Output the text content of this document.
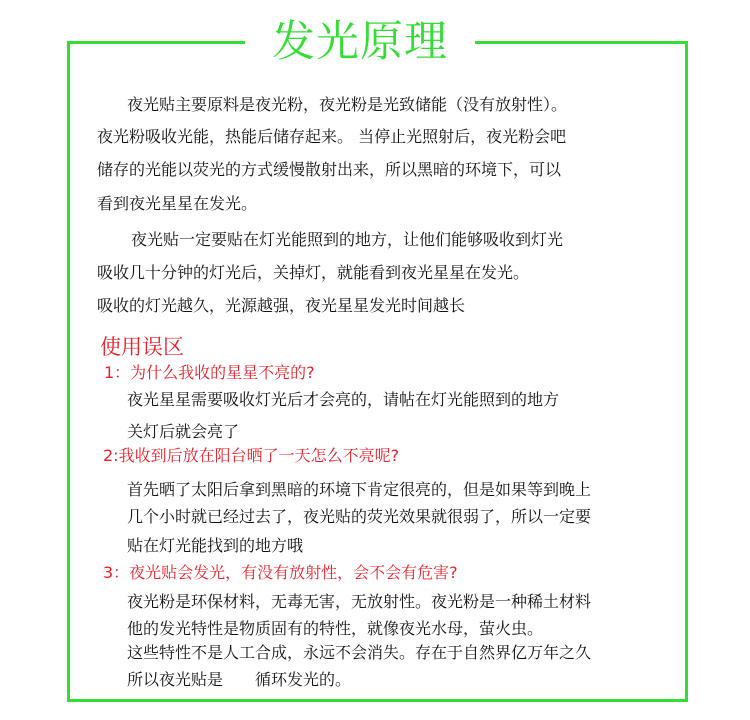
发光原理
夜光贴主要原料是夜光粉，夜光粉是光致储能（没有放射性）。
夜光粉吸收光能，热能后储存起来。 当停止光照射后，夜光粉会吧
储存的光能以荧光的方式缓慢散射出来，所以黑暗的环境下，可以
看到夜光星星在发光。
夜光贴一定要贴在灯光能照到的地方，让他们能够吸收到灯光
吸收几十分钟的灯光后，关掉灯，就能看到夜光星星在发光。
吸收的灯光越久，光源越强，夜光星星发光时间越长
使用误区
1：为什么我收的星星不亮的?
夜光星星需要吸收灯光后才会亮的，请帖在灯光能照到的地方
关灯后就会亮了
2:我收到后放在阳台晒了一天怎么不亮呢?
首先晒了太阳后拿到黑暗的环境下肯定很亮的，但是如果等到晚上
几个小时就已经过去了，夜光贴的荧光效果就很弱了，所以一定要
贴在灯光能找到的地方哦
3：夜光贴会发光，有没有放射性，会不会有危害?
夜光粉是环保材料，无毒无害，无放射性。夜光粉是一种稀土材料
他的发光特性是物质固有的特性，就像夜光水母，萤火虫。
这些特性不是人工合成，永远不会消失。存在于自然界亿万年之久
所以夜光贴是　　循环发光的。
